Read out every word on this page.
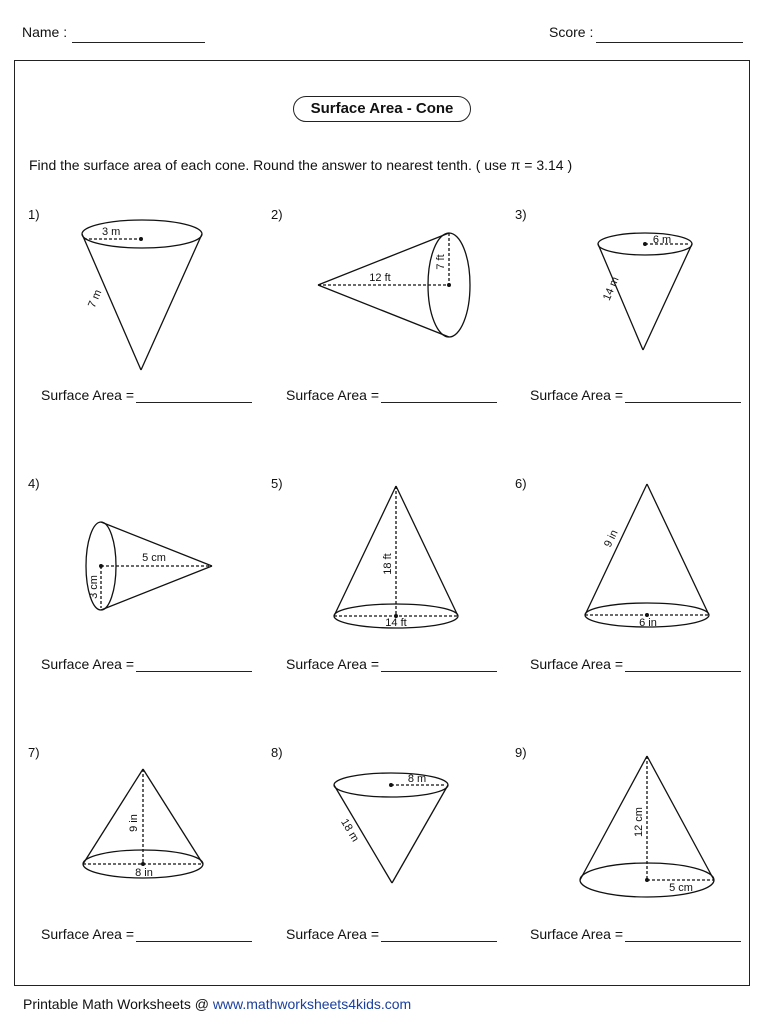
Name :	Score :
Surface Area - Cone
Find the surface area of each cone. Round the answer to nearest tenth. ( use π = 3.14 )
1)	2)	3)
4)	5)	6)
7)	8)	9)
3 m
7 m
12 ft
7 ft
6 m
14 m
5 cm
3 cm
18 ft
14 ft
9 in
6 in
9 in
8 in
8 m
18 m	12 cm
5 cm
Surface Area =	Surface Area =	Surface Area =
Surface Area =	Surface Area =	Surface Area =
Surface Area =	Surface Area =	Surface Area =
Printable Math Worksheets @ www.mathworksheets4kids.com
